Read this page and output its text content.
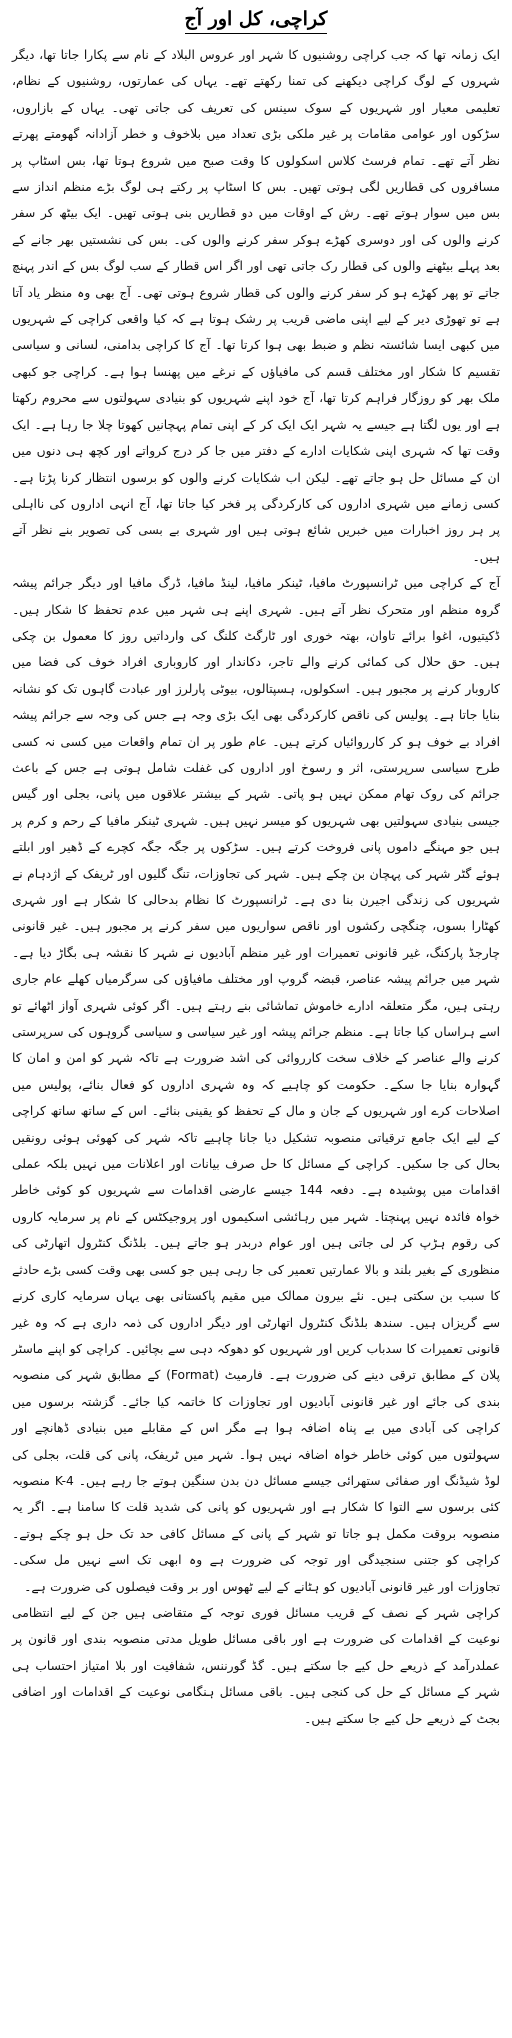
کراچی، کل اور آج

ایک زمانہ تھا کہ جب کراچی روشنیوں کا شہر اور عروس البلاد کے نام سے پکارا جاتا تھا، دیگر شہروں کے لوگ کراچی دیکھنے کی تمنا رکھتے تھے۔ یہاں کی عمارتوں، روشنیوں کے نظام، تعلیمی معیار اور شہریوں کے سوک سینس کی تعریف کی جاتی تھی۔ یہاں کے بازاروں، سڑکوں اور عوامی مقامات پر غیر ملکی بڑی تعداد میں بلاخوف و خطر آزادانہ گھومتے پھرتے نظر آتے تھے۔ تمام فرسٹ کلاس اسکولوں کا وقت صبح میں شروع ہوتا تھا، بس اسٹاپ پر مسافروں کی قطاریں لگی ہوتی تھیں۔ بس کا اسٹاپ پر رکتے ہی لوگ بڑے منظم انداز سے بس میں سوار ہوتے تھے۔ رش کے اوقات میں دو قطاریں بنی ہوتی تھیں۔ ایک بیٹھ کر سفر کرنے والوں کی اور دوسری کھڑے ہوکر سفر کرنے والوں کی۔ بس کی نشستیں بھر جانے کے بعد پہلے بیٹھنے والوں کی قطار رک جاتی تھی اور اگر اس قطار کے سب لوگ بس کے اندر پہنچ جاتے تو پھر کھڑے ہو کر سفر کرنے والوں کی قطار شروع ہوتی تھی۔ آج بھی وہ منظر یاد آتا ہے تو تھوڑی دیر کے لیے اپنی ماضی قریب پر رشک ہوتا ہے کہ کیا واقعی کراچی کے شہریوں میں کبھی ایسا شائستہ نظم و ضبط بھی ہوا کرتا تھا۔ آج کا کراچی بدامنی، لسانی و سیاسی تقسیم کا شکار اور مختلف قسم کی مافیاؤں کے نرغے میں پھنسا ہوا ہے۔ کراچی جو کبھی ملک بھر کو روزگار فراہم کرتا تھا، آج خود اپنے شہریوں کو بنیادی سہولتوں سے محروم رکھتا ہے اور یوں لگتا ہے جیسے یہ شہر ایک ایک کر کے اپنی تمام پہچانیں کھوتا چلا جا رہا ہے۔ ایک وقت تھا کہ شہری اپنی شکایات ادارے کے دفتر میں جا کر درج کرواتے اور کچھ ہی دنوں میں ان کے مسائل حل ہو جاتے تھے۔ لیکن اب شکایات کرنے والوں کو برسوں انتظار کرنا پڑتا ہے۔ کسی زمانے میں شہری اداروں کی کارکردگی پر فخر کیا جاتا تھا، آج انہی اداروں کی نااہلی پر ہر روز اخبارات میں خبریں شائع ہوتی ہیں اور شہری بے بسی کی تصویر بنے نظر آتے ہیں۔

آج کے کراچی میں ٹرانسپورٹ مافیا، ٹینکر مافیا، لینڈ مافیا، ڈرگ مافیا اور دیگر جرائم پیشہ گروہ منظم اور متحرک نظر آتے ہیں۔ شہری اپنے ہی شہر میں عدم تحفظ کا شکار ہیں۔ ڈکیتیوں، اغوا برائے تاوان، بھتہ خوری اور ٹارگٹ کلنگ کی وارداتیں روز کا معمول بن چکی ہیں۔ حق حلال کی کمائی کرنے والے تاجر، دکاندار اور کاروباری افراد خوف کی فضا میں کاروبار کرنے پر مجبور ہیں۔ اسکولوں، ہسپتالوں، بیوٹی پارلرز اور عبادت گاہوں تک کو نشانہ بنایا جاتا ہے۔ پولیس کی ناقص کارکردگی بھی ایک بڑی وجہ ہے جس کی وجہ سے جرائم پیشہ افراد بے خوف ہو کر کارروائیاں کرتے ہیں۔ عام طور پر ان تمام واقعات میں کسی نہ کسی طرح سیاسی سرپرستی، اثر و رسوخ اور اداروں کی غفلت شامل ہوتی ہے جس کے باعث جرائم کی روک تھام ممکن نہیں ہو پاتی۔ شہر کے بیشتر علاقوں میں پانی، بجلی اور گیس جیسی بنیادی سہولتیں بھی شہریوں کو میسر نہیں ہیں۔ شہری ٹینکر مافیا کے رحم و کرم پر ہیں جو مہنگے داموں پانی فروخت کرتے ہیں۔ سڑکوں پر جگہ جگہ کچرے کے ڈھیر اور ابلتے ہوئے گٹر شہر کی پہچان بن چکے ہیں۔ شہر کی تجاوزات، تنگ گلیوں اور ٹریفک کے اژدہام نے شہریوں کی زندگی اجیرن بنا دی ہے۔ ٹرانسپورٹ کا نظام بدحالی کا شکار ہے اور شہری کھٹارا بسوں، چنگچی رکشوں اور ناقص سواریوں میں سفر کرنے پر مجبور ہیں۔ غیر قانونی چارجڈ پارکنگ، غیر قانونی تعمیرات اور غیر منظم آبادیوں نے شہر کا نقشہ ہی بگاڑ دیا ہے۔ شہر میں جرائم پیشہ عناصر، قبضہ گروپ اور مختلف مافیاؤں کی سرگرمیاں کھلے عام جاری رہتی ہیں، مگر متعلقہ ادارے خاموش تماشائی بنے رہتے ہیں۔ اگر کوئی شہری آواز اٹھائے تو اسے ہراساں کیا جاتا ہے۔ منظم جرائم پیشہ اور غیر سیاسی و سیاسی گروہوں کی سرپرستی کرنے والے عناصر کے خلاف سخت کارروائی کی اشد ضرورت ہے تاکہ شہر کو امن و امان کا گہوارہ بنایا جا سکے۔ حکومت کو چاہیے کہ وہ شہری اداروں کو فعال بنائے، پولیس میں اصلاحات کرے اور شہریوں کے جان و مال کے تحفظ کو یقینی بنائے۔ اس کے ساتھ ساتھ کراچی کے لیے ایک جامع ترقیاتی منصوبہ تشکیل دیا جانا چاہیے تاکہ شہر کی کھوئی ہوئی رونقیں بحال کی جا سکیں۔ کراچی کے مسائل کا حل صرف بیانات اور اعلانات میں نہیں بلکہ عملی اقدامات میں پوشیدہ ہے۔ دفعہ 144 جیسے عارضی اقدامات سے شہریوں کو کوئی خاطر خواہ فائدہ نہیں پہنچتا۔ شہر میں رہائشی اسکیموں اور پروجیکٹس کے نام پر سرمایہ کاروں کی رقوم ہڑپ کر لی جاتی ہیں اور عوام دربدر ہو جاتے ہیں۔ بلڈنگ کنٹرول اتھارٹی کی منظوری کے بغیر بلند و بالا عمارتیں تعمیر کی جا رہی ہیں جو کسی بھی وقت کسی بڑے حادثے کا سبب بن سکتی ہیں۔ نئے بیرون ممالک میں مقیم پاکستانی بھی یہاں سرمایہ کاری کرنے سے گریزاں ہیں۔ سندھ بلڈنگ کنٹرول اتھارٹی اور دیگر اداروں کی ذمہ داری ہے کہ وہ غیر قانونی تعمیرات کا سدباب کریں اور شہریوں کو دھوکہ دہی سے بچائیں۔ کراچی کو اپنے ماسٹر پلان کے مطابق ترقی دینے کی ضرورت ہے۔ فارمیٹ (Format) کے مطابق شہر کی منصوبہ بندی کی جائے اور غیر قانونی آبادیوں اور تجاوزات کا خاتمہ کیا جائے۔ گزشتہ برسوں میں کراچی کی آبادی میں بے پناہ اضافہ ہوا ہے مگر اس کے مقابلے میں بنیادی ڈھانچے اور سہولتوں میں کوئی خاطر خواہ اضافہ نہیں ہوا۔ شہر میں ٹریفک، پانی کی قلت، بجلی کی لوڈ شیڈنگ اور صفائی ستھرائی جیسے مسائل دن بدن سنگین ہوتے جا رہے ہیں۔ K-4 منصوبہ کئی برسوں سے التوا کا شکار ہے اور شہریوں کو پانی کی شدید قلت کا سامنا ہے۔ اگر یہ منصوبہ بروقت مکمل ہو جاتا تو شہر کے پانی کے مسائل کافی حد تک حل ہو چکے ہوتے۔ کراچی کو جتنی سنجیدگی اور توجہ کی ضرورت ہے وہ ابھی تک اسے نہیں مل سکی۔ تجاوزات اور غیر قانونی آبادیوں کو ہٹانے کے لیے ٹھوس اور بر وقت فیصلوں کی ضرورت ہے۔

کراچی شہر کے نصف کے قریب مسائل فوری توجہ کے متقاضی ہیں جن کے لیے انتظامی نوعیت کے اقدامات کی ضرورت ہے اور باقی مسائل طویل مدتی منصوبہ بندی اور قانون پر عملدرآمد کے ذریعے حل کیے جا سکتے ہیں۔ گڈ گورننس، شفافیت اور بلا امتیاز احتساب ہی شہر کے مسائل کے حل کی کنجی ہیں۔ باقی مسائل ہنگامی نوعیت کے اقدامات اور اضافی بجٹ کے ذریعے حل کیے جا سکتے ہیں۔
